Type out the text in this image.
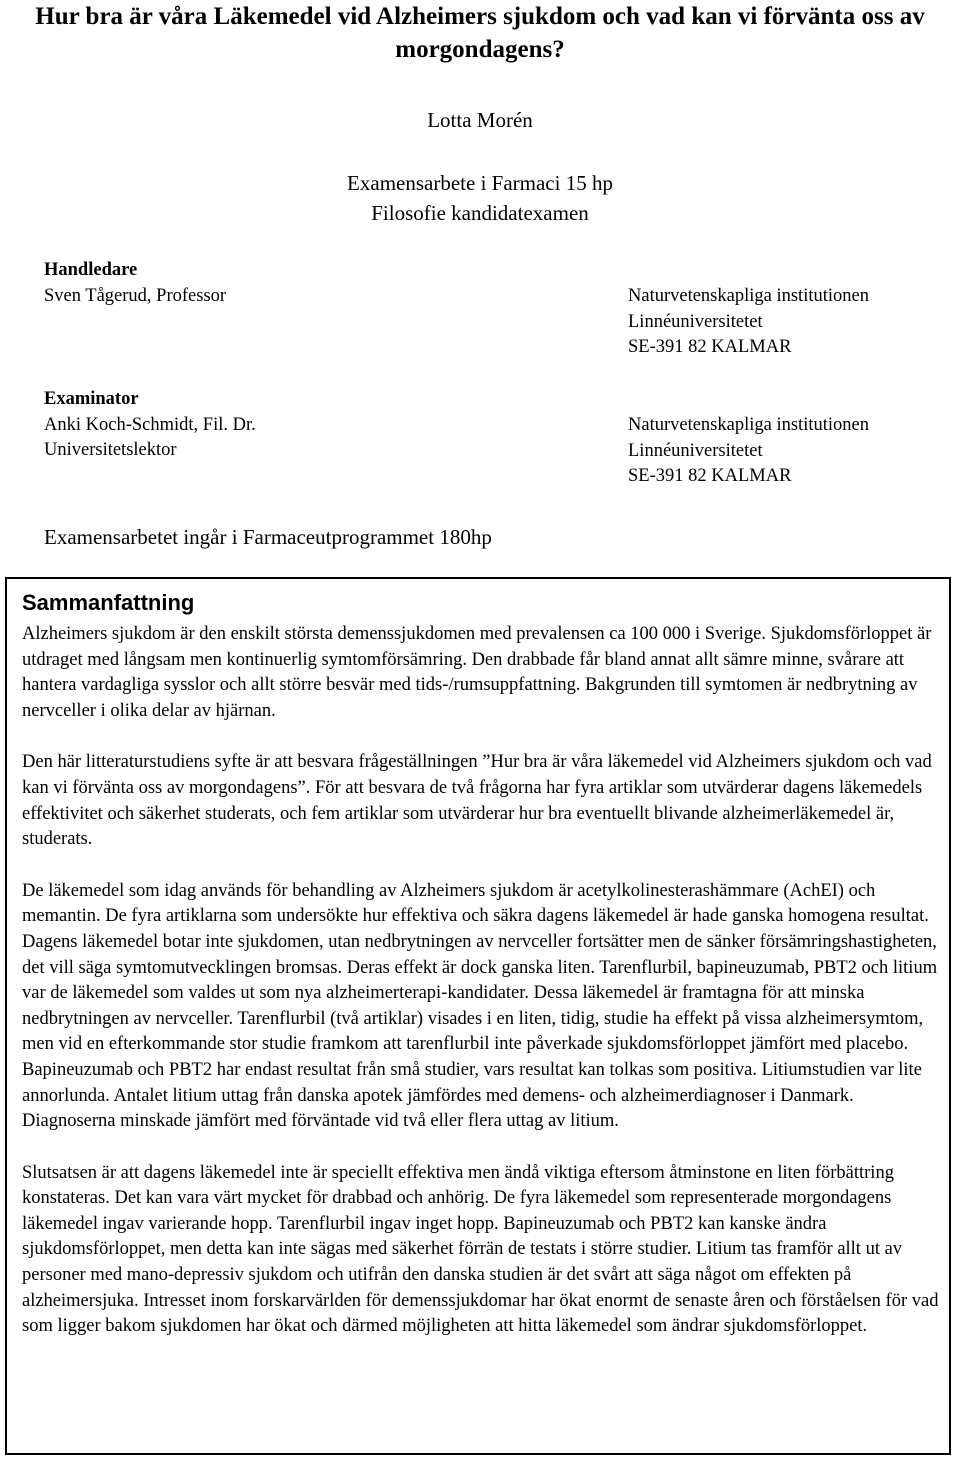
Hur bra är våra Läkemedel vid Alzheimers sjukdom och vad kan vi förvänta oss av morgondagens?
Lotta Morén
Examensarbete i Farmaci 15 hp
Filosofie kandidatexamen
Handledare
Sven Tågerud, Professor	Naturvetenskapliga institutionen
Linnéuniversitetet
SE-391 82 KALMAR
Examinator
Anki Koch-Schmidt, Fil. Dr.
Universitetslektor
Naturvetenskapliga institutionen
Linnéuniversitetet
SE-391 82 KALMAR
Examensarbetet ingår i Farmaceutprogrammet 180hp
Sammanfattning

Alzheimers sjukdom är den enskilt största demenssjukdomen med prevalensen ca 100 000 i Sverige. Sjukdomsförloppet är utdraget med långsam men kontinuerlig symtomförsämring. Den drabbade får bland annat allt sämre minne, svårare att hantera vardagliga sysslor och allt större besvär med tids-/rumsuppfattning. Bakgrunden till symtomen är nedbrytning av nervceller i olika delar av hjärnan.

Den här litteraturstudiens syfte är att besvara frågeställningen ”Hur bra är våra läkemedel vid Alzheimers sjukdom och vad kan vi förvänta oss av morgondagens”. För att besvara de två frågorna har fyra artiklar som utvärderar dagens läkemedels effektivitet och säkerhet studerats, och fem artiklar som utvärderar hur bra eventuellt blivande alzheimerläkemedel är, studerats.

De läkemedel som idag används för behandling av Alzheimers sjukdom är acetylkolinesterashämmare (AchEI) och memantin. De fyra artiklarna som undersökte hur effektiva och säkra dagens läkemedel är hade ganska homogena resultat. Dagens läkemedel botar inte sjukdomen, utan nedbrytningen av nervceller fortsätter men de sänker försämringshastigheten, det vill säga symtomutvecklingen bromsas. Deras effekt är dock ganska liten. Tarenflurbil, bapineuzumab, PBT2 och litium var de läkemedel som valdes ut som nya alzheimerterapi-kandidater. Dessa läkemedel är framtagna för att minska nedbrytningen av nervceller. Tarenflurbil (två artiklar) visades i en liten, tidig, studie ha effekt på vissa alzheimersymtom, men vid en efterkommande stor studie framkom att tarenflurbil inte påverkade sjukdomsförloppet jämfört med placebo. Bapineuzumab och PBT2 har endast resultat från små studier, vars resultat kan tolkas som positiva. Litiumstudien var lite annorlunda. Antalet litium uttag från danska apotek jämfördes med demens- och alzheimerdiagnoser i Danmark. Diagnoserna minskade jämfört med förväntade vid två eller flera uttag av litium.

Slutsatsen är att dagens läkemedel inte är speciellt effektiva men ändå viktiga eftersom åtminstone en liten förbättring konstateras. Det kan vara värt mycket för drabbad och anhörig. De fyra läkemedel som representerade morgondagens läkemedel ingav varierande hopp. Tarenflurbil ingav inget hopp. Bapineuzumab och PBT2 kan kanske ändra sjukdomsförloppet, men detta kan inte sägas med säkerhet förrän de testats i större studier. Litium tas framför allt ut av personer med mano-depressiv sjukdom och utifrån den danska studien är det svårt att säga något om effekten på alzheimersjuka. Intresset inom forskarvärlden för demenssjukdomar har ökat enormt de senaste åren och förståelsen för vad som ligger bakom sjukdomen har ökat och därmed möjligheten att hitta läkemedel som ändrar sjukdomsförloppet.
